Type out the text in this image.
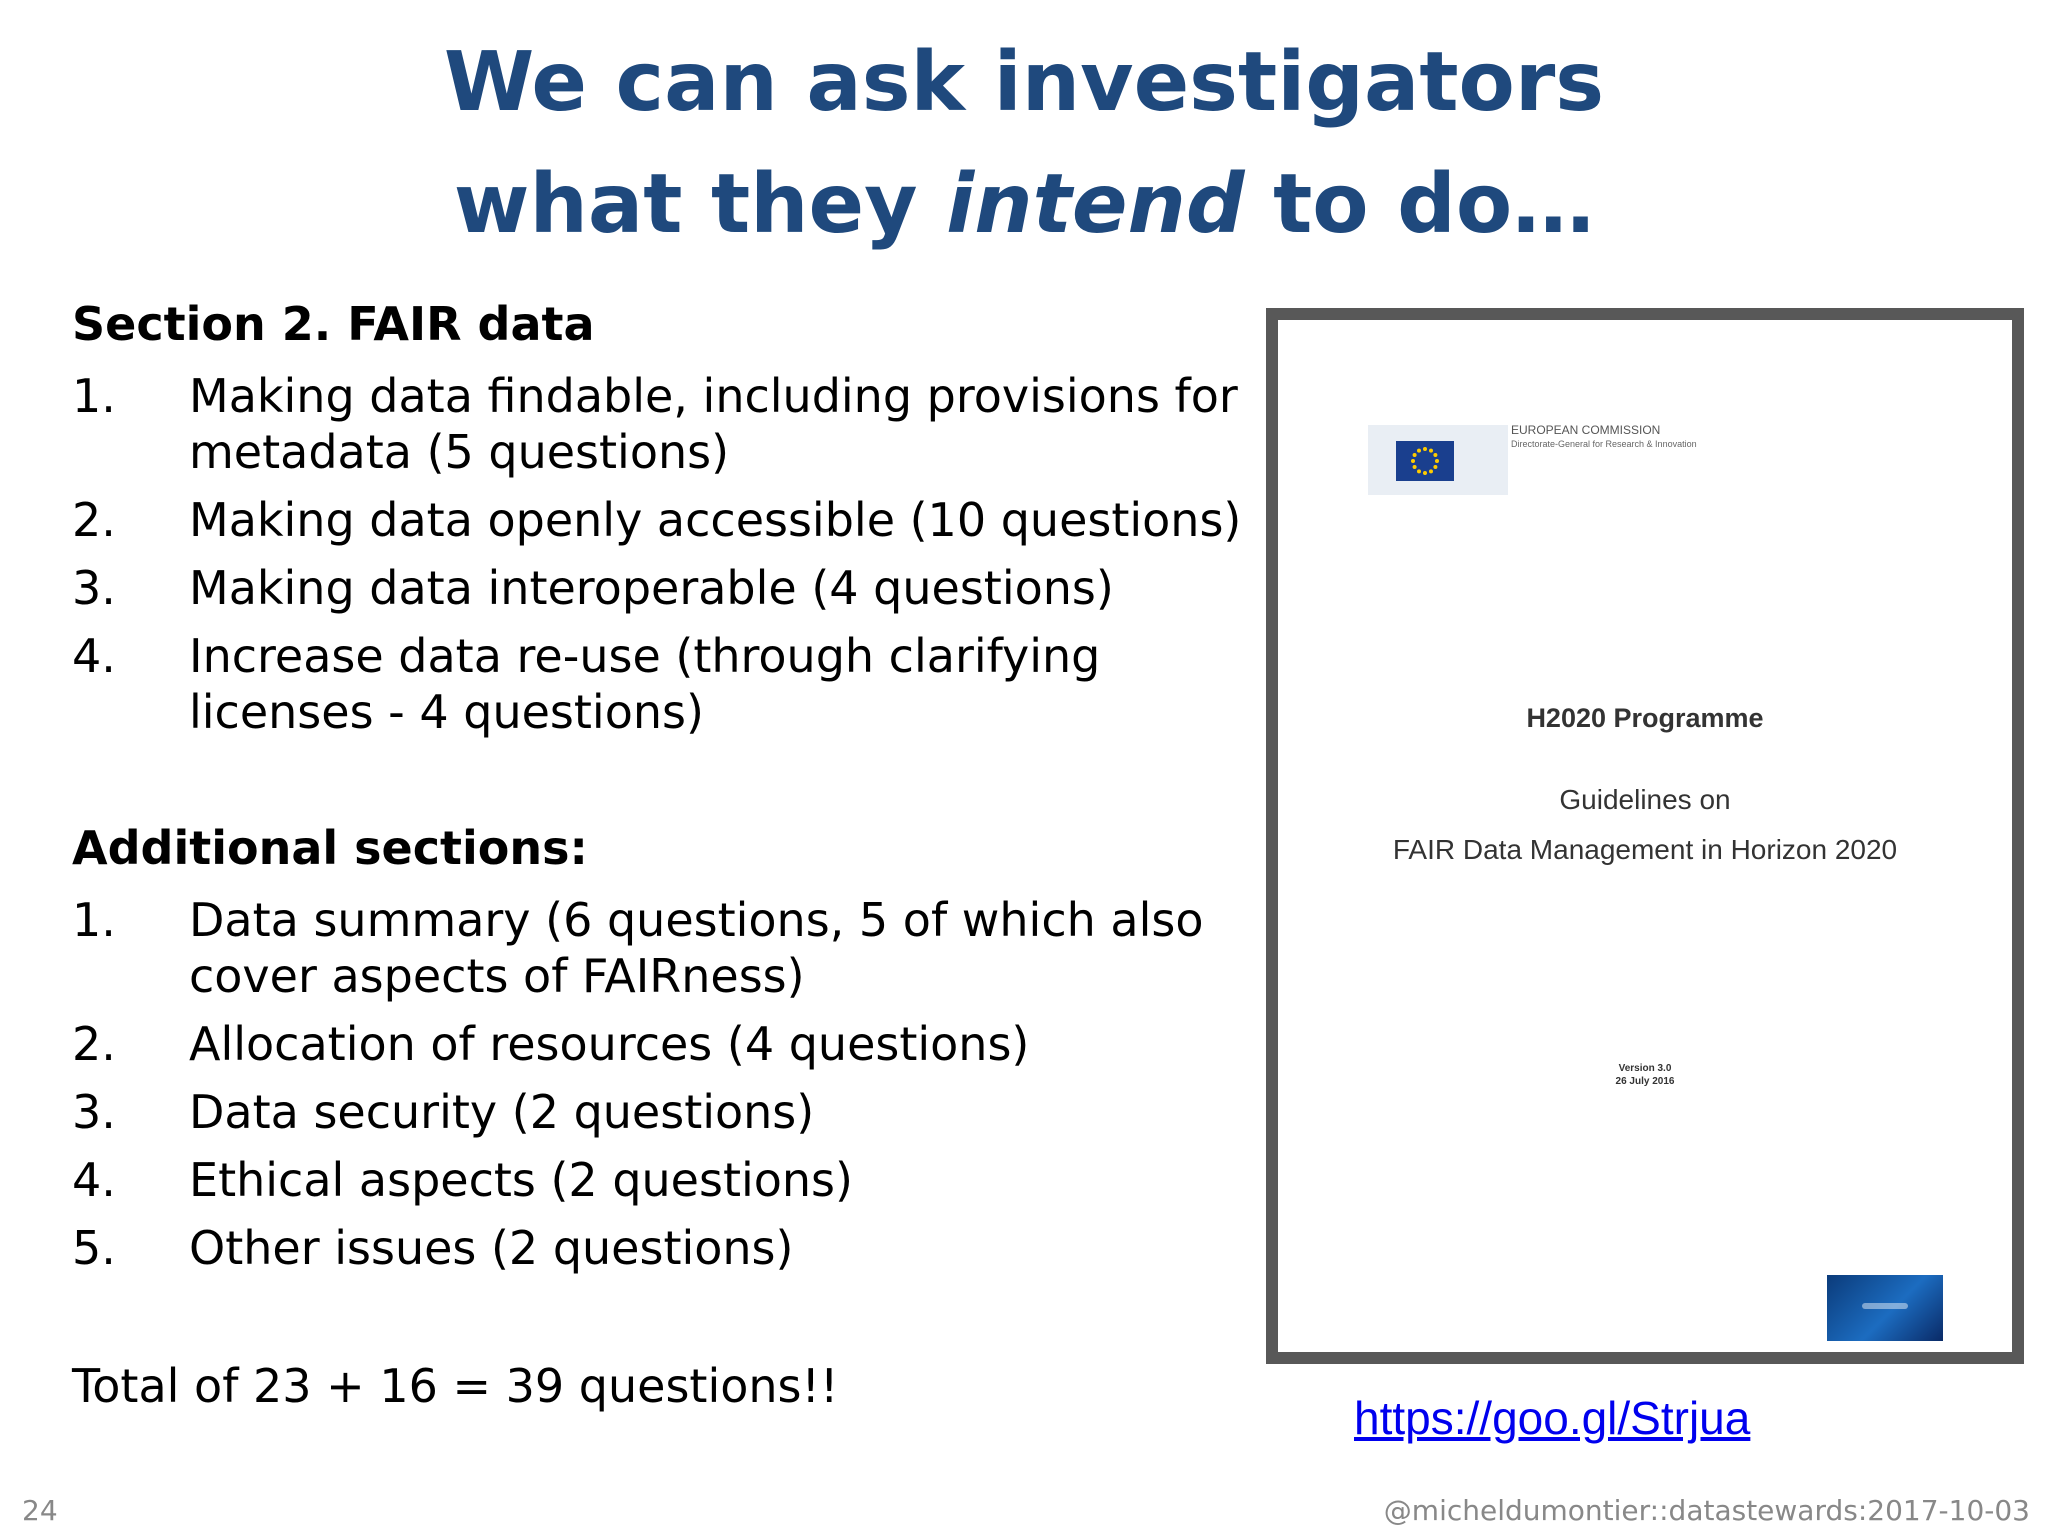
We can ask investigators
what they intend to do…
Section 2. FAIR data
1.	Making data findable, including provisions for metadata (5 questions)
2.	Making data openly accessible (10 questions)
3.	Making data interoperable (4 questions)
4.	Increase data re-use (through clarifying licenses - 4 questions)
Additional sections:
1.	Data summary (6 questions, 5 of which also cover aspects of FAIRness)
2.	Allocation of resources (4 questions)
3.	Data security (2 questions)
4.	Ethical aspects (2 questions)
5.	Other issues (2 questions)
Total of 23 + 16 = 39 questions!!
EUROPEAN COMMISSION
Directorate-General for Research & Innovation
H2020 Programme
Guidelines on
FAIR Data Management in Horizon 2020
Version 3.0
26 July 2016
https://goo.gl/Strjua
24	@micheldumontier::datastewards:2017-10-03
